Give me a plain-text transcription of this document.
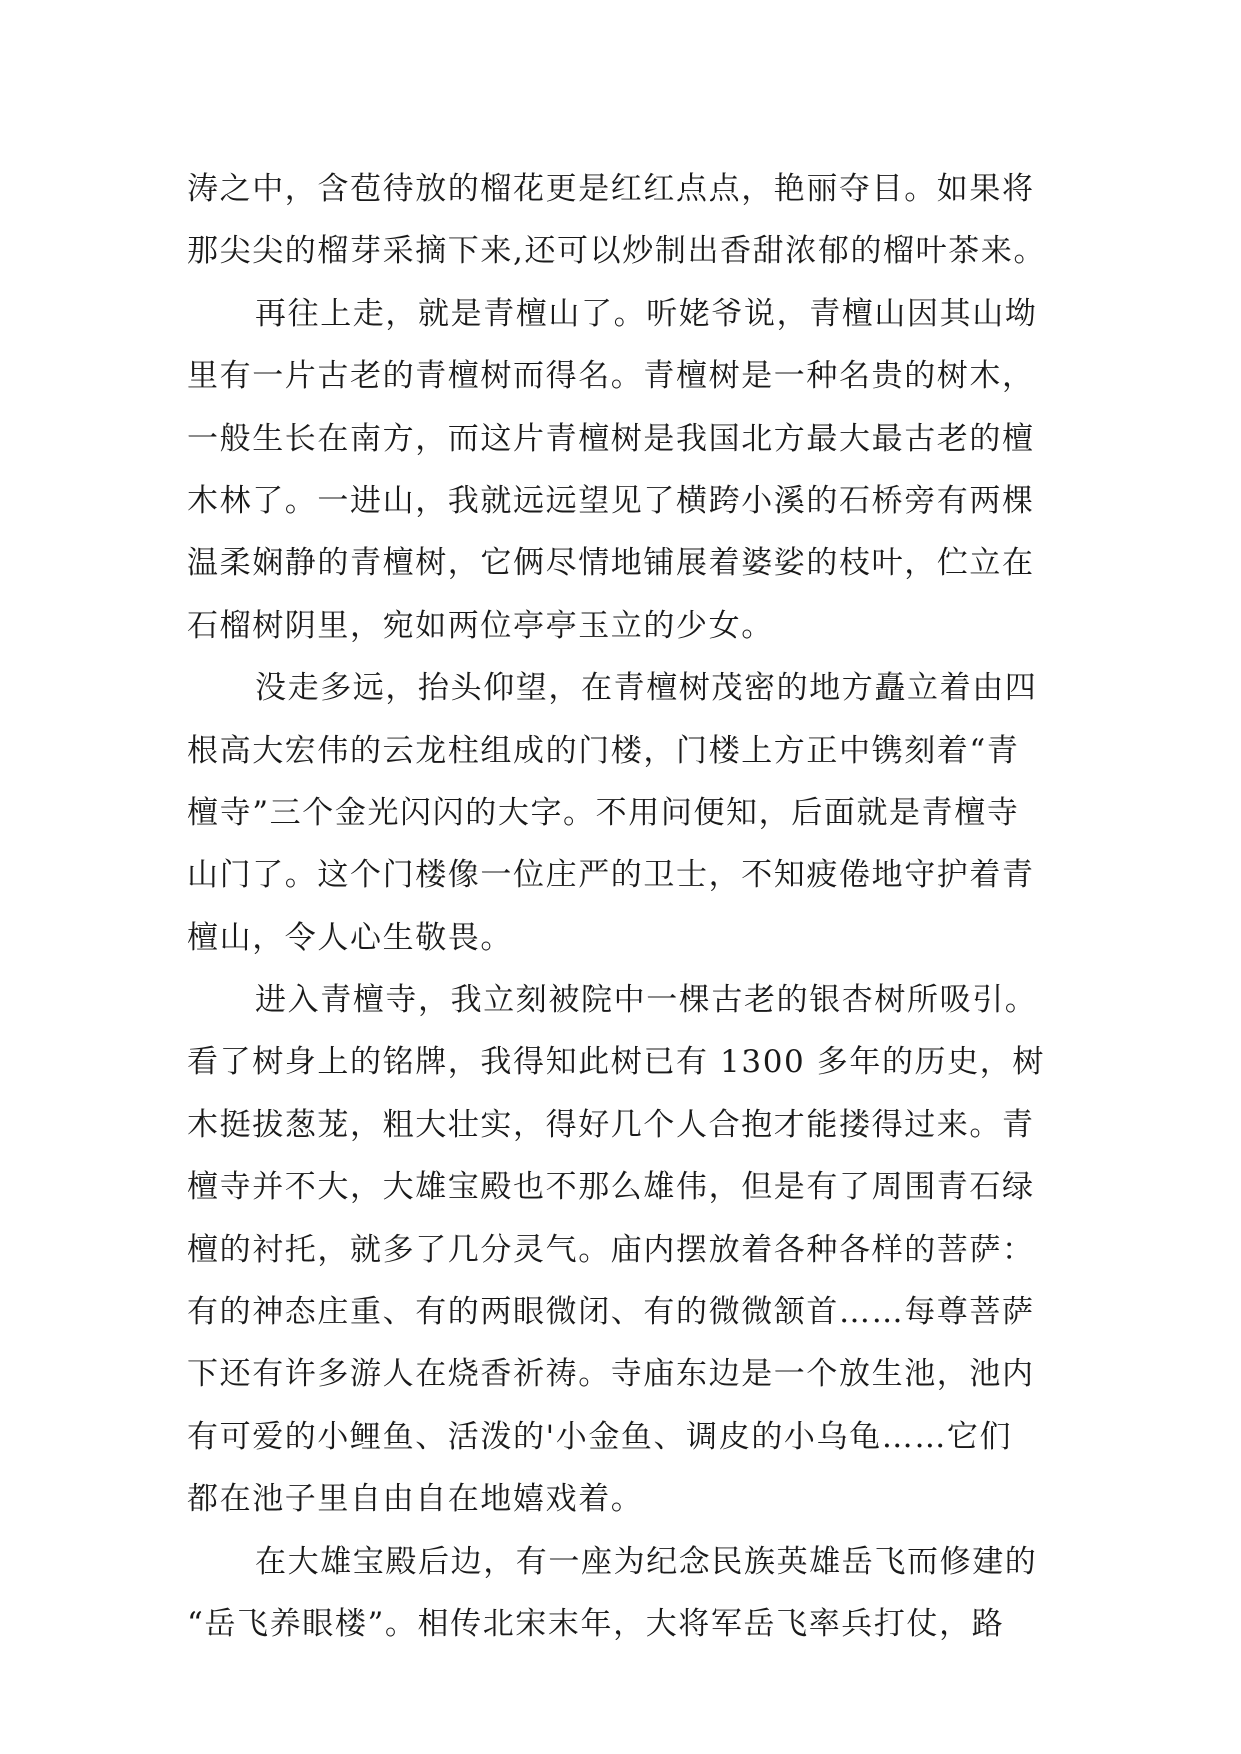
涛之中，含苞待放的榴花更是红红点点，艳丽夺目。如果将
那尖尖的榴芽采摘下来,还可以炒制出香甜浓郁的榴叶茶来。
再往上走，就是青檀山了。听姥爷说，青檀山因其山坳
里有一片古老的青檀树而得名。青檀树是一种名贵的树木，
一般生长在南方，而这片青檀树是我国北方最大最古老的檀
木林了。一进山，我就远远望见了横跨小溪的石桥旁有两棵
温柔娴静的青檀树，它俩尽情地铺展着婆娑的枝叶，伫立在
石榴树阴里，宛如两位亭亭玉立的少女。
没走多远，抬头仰望，在青檀树茂密的地方矗立着由四
根高大宏伟的云龙柱组成的门楼，门楼上方正中镌刻着“青
檀寺”三个金光闪闪的大字。不用问便知，后面就是青檀寺
山门了。这个门楼像一位庄严的卫士，不知疲倦地守护着青
檀山，令人心生敬畏。
进入青檀寺，我立刻被院中一棵古老的银杏树所吸引。
看了树身上的铭牌，我得知此树已有 1300 多年的历史，树
木挺拔葱茏，粗大壮实，得好几个人合抱才能搂得过来。青
檀寺并不大，大雄宝殿也不那么雄伟，但是有了周围青石绿
檀的衬托，就多了几分灵气。庙内摆放着各种各样的菩萨：
有的神态庄重、有的两眼微闭、有的微微颔首……每尊菩萨
下还有许多游人在烧香祈祷。寺庙东边是一个放生池，池内
有可爱的小鲤鱼、活泼的'小金鱼、调皮的小乌龟……它们
都在池子里自由自在地嬉戏着。
在大雄宝殿后边，有一座为纪念民族英雄岳飞而修建的
“岳飞养眼楼”。相传北宋末年，大将军岳飞率兵打仗，路
